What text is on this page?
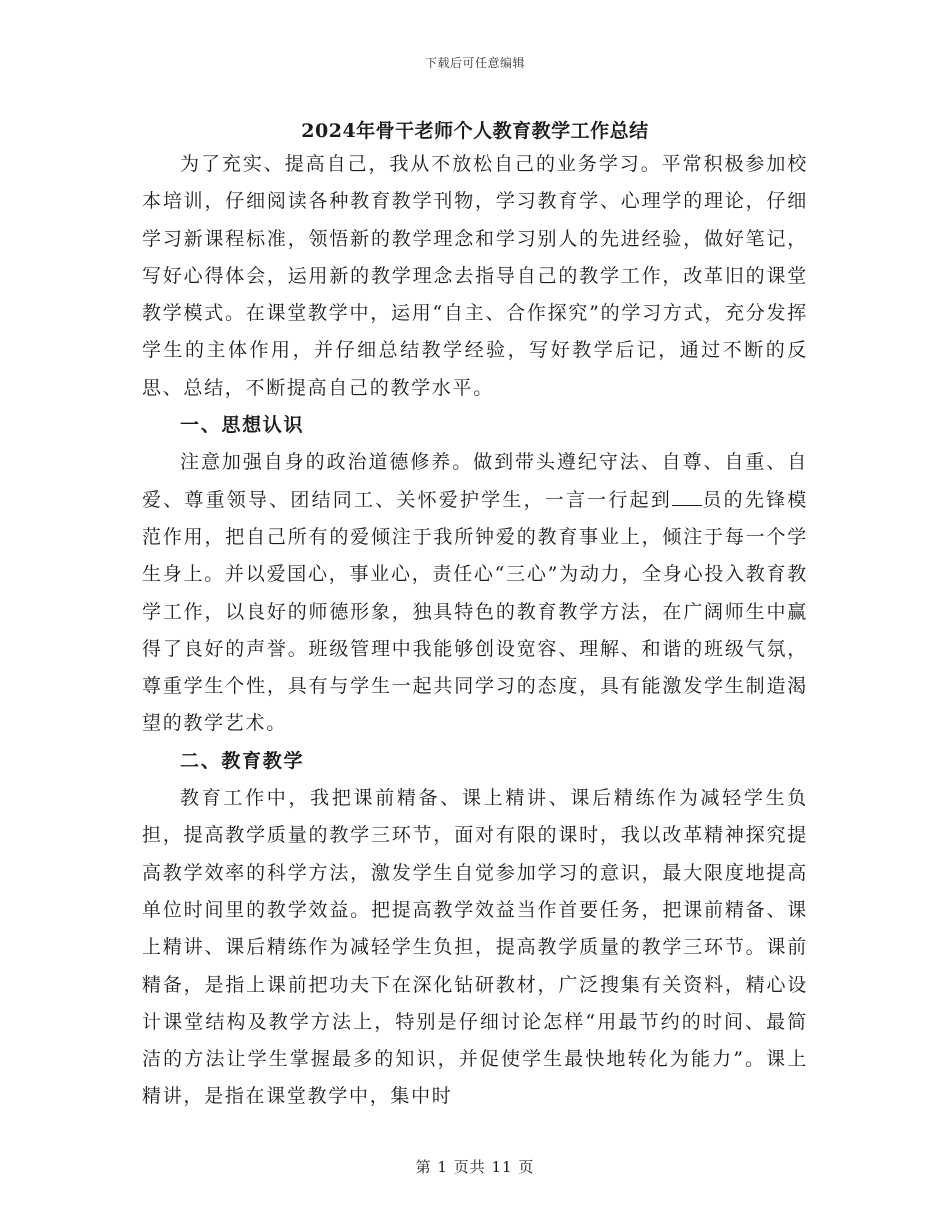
下载后可任意编辑
2024年骨干老师个人教育教学工作总结

为了充实、提高自己，我从不放松自己的业务学习。平常积极参加校本培训，仔细阅读各种教育教学刊物，学习教育学、心理学的理论，仔细学习新课程标准，领悟新的教学理念和学习别人的先进经验，做好笔记，写好心得体会，运用新的教学理念去指导自己的教学工作，改革旧的课堂教学模式。在课堂教学中，运用“自主、合作探究”的学习方式，充分发挥学生的主体作用，并仔细总结教学经验，写好教学后记，通过不断的反思、总结，不断提高自己的教学水平。

一、思想认识

注意加强自身的政治道德修养。做到带头遵纪守法、自尊、自重、自爱、尊重领导、团结同工、关怀爱护学生，一言一行起到 员的先锋模范作用，把自己所有的爱倾注于我所钟爱的教育事业上，倾注于每一个学生身上。并以爱国心，事业心，责任心“三心”为动力，全身心投入教育教学工作，以良好的师德形象，独具特色的教育教学方法，在广阔师生中赢得了良好的声誉。班级管理中我能够创设宽容、理解、和谐的班级气氛，尊重学生个性，具有与学生一起共同学习的态度，具有能激发学生制造渴望的教学艺术。

二、教育教学

教育工作中，我把课前精备、课上精讲、课后精练作为减轻学生负担，提高教学质量的教学三环节，面对有限的课时，我以改革精神探究提高教学效率的科学方法，激发学生自觉参加学习的意识，最大限度地提高单位时间里的教学效益。把提高教学效益当作首要任务，把课前精备、课上精讲、课后精练作为减轻学生负担，提高教学质量的教学三环节。课前精备，是指上课前把功夫下在深化钻研教材，广泛搜集有关资料，精心设计课堂结构及教学方法上，特别是仔细讨论怎样“用最节约的时间、最简洁的方法让学生掌握最多的知识，并促使学生最快地转化为能力”。课上精讲，是指在课堂教学中，集中时

第 1 页共 11 页
